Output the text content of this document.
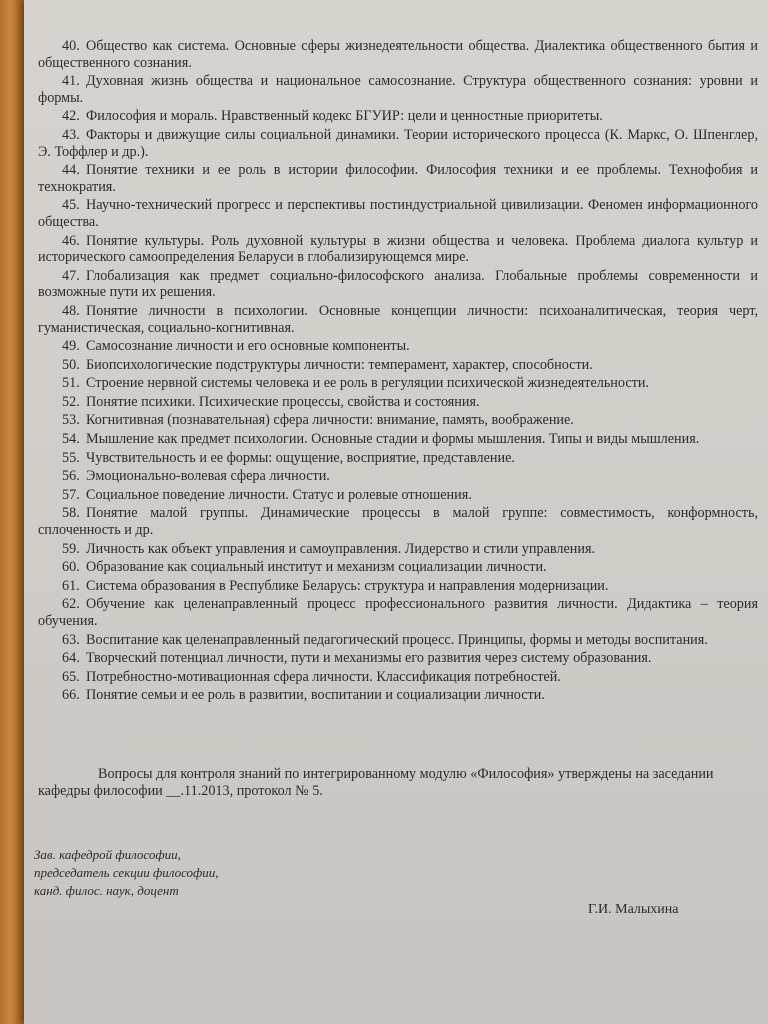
40. Общество как система. Основные сферы жизнедеятельности общества. Диалектика общественного бытия и общественного сознания.

41. Духовная жизнь общества и национальное самосознание. Структура общественного сознания: уровни и формы.

42. Философия и мораль. Нравственный кодекс БГУИР: цели и ценностные приоритеты.

43. Факторы и движущие силы социальной динамики. Теории исторического процесса (К. Маркс, О. Шпенглер, Э. Тоффлер и др.).

44. Понятие техники и ее роль в истории философии. Философия техники и ее проблемы. Технофобия и технократия.

45. Научно-технический прогресс и перспективы постиндустриальной цивилизации. Феномен информационного общества.

46. Понятие культуры. Роль духовной культуры в жизни общества и человека. Проблема диалога культур и исторического самоопределения Беларуси в глобализирующемся мире.

47. Глобализация как предмет социально-философского анализа. Глобальные проблемы современности и возможные пути их решения.

48. Понятие личности в психологии. Основные концепции личности: психоаналитическая, теория черт, гуманистическая, социально-когнитивная.

49. Самосознание личности и его основные компоненты.

50. Биопсихологические подструктуры личности: темперамент, характер, способности.

51. Строение нервной системы человека и ее роль в регуляции психической жизнедеятельности.

52. Понятие психики. Психические процессы, свойства и состояния.

53. Когнитивная (познавательная) сфера личности: внимание, память, воображение.

54. Мышление как предмет психологии. Основные стадии и формы мышления. Типы и виды мышления.

55. Чувствительность и ее формы: ощущение, восприятие, представление.

56. Эмоционально-волевая сфера личности.

57. Социальное поведение личности. Статус и ролевые отношения.

58. Понятие малой группы. Динамические процессы в малой группе: совместимость, конформность, сплоченность и др.

59. Личность как объект управления и самоуправления. Лидерство и стили управления.

60. Образование как социальный институт и механизм социализации личности.

61. Система образования в Республике Беларусь: структура и направления модернизации.

62. Обучение как целенаправленный процесс профессионального развития личности. Дидактика – теория обучения.

63. Воспитание как целенаправленный педагогический процесс. Принципы, формы и методы воспитания.

64. Творческий потенциал личности, пути и механизмы его развития через систему образования.

65. Потребностно-мотивационная сфера личности. Классификация потребностей.

66. Понятие семьи и ее роль в развитии, воспитании и социализации личности.

Вопросы для контроля знаний по интегрированному модулю «Философия» утверждены на заседании кафедры философии __.11.2013, протокол № 5.

Зав. кафедрой философии,
председатель секции философии,
канд. филос. наук, доцент
Г.И. Малыхина
